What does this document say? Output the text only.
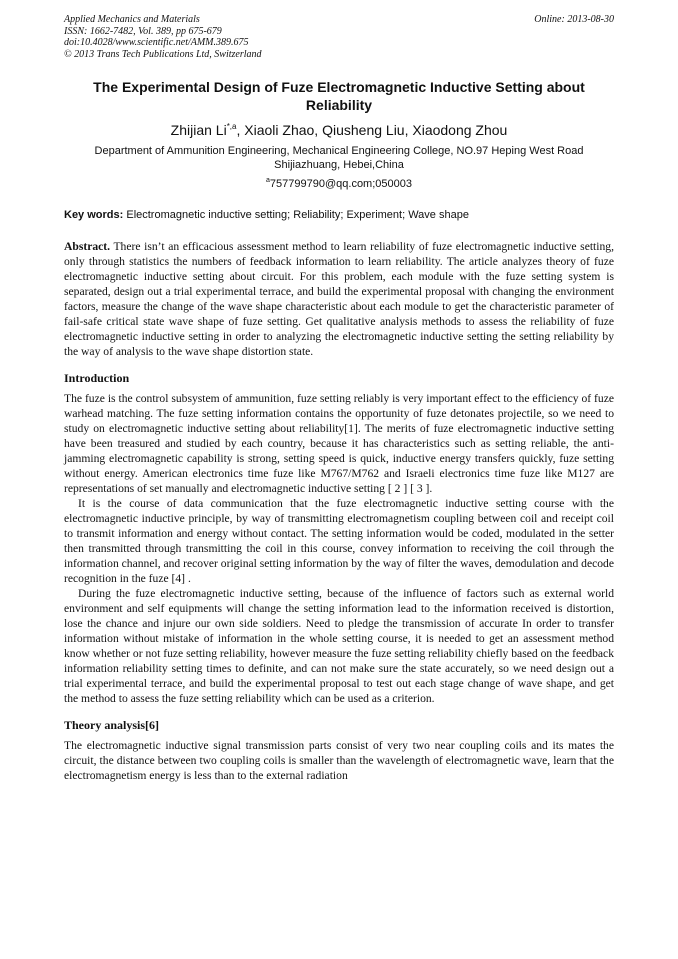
Applied Mechanics and Materials
ISSN: 1662-7482, Vol. 389, pp 675-679
doi:10.4028/www.scientific.net/AMM.389.675
© 2013 Trans Tech Publications Ltd, Switzerland
Online: 2013-08-30
The Experimental Design of Fuze Electromagnetic Inductive Setting about Reliability
Zhijian $Li^{*,a}$, Xiaoli Zhao, Qiusheng Liu, Xiaodong Zhou
Department of Ammunition Engineering, Mechanical Engineering College, NO.97 Heping West Road Shijiazhuang, Hebei,China
$^a$757799790@qq.com;050003
Key words: Electromagnetic inductive setting; Reliability; Experiment; Wave shape
Abstract. There isn’t an efficacious assessment method to learn reliability of fuze electromagnetic inductive setting, only through statistics the numbers of feedback information to learn reliability. The article analyzes theory of fuze electromagnetic inductive setting about circuit. For this problem, each module with the fuze setting system is separated, design out a trial experimental terrace, and build the experimental proposal with changing the environment factors, measure the change of the wave shape characteristic about each module to get the characteristic parameter of fail-safe critical state wave shape of fuze setting. Get qualitative analysis methods to assess the reliability of fuze electromagnetic inductive setting in order to analyzing the electromagnetic inductive setting the setting reliability by the way of analysis to the wave shape distortion state.
Introduction

The fuze is the control subsystem of ammunition, fuze setting reliably is very important effect to the efficiency of fuze warhead matching. The fuze setting information contains the opportunity of fuze detonates projectile, so we need to study on electromagnetic inductive setting about reliability[1]. The merits of fuze electromagnetic inductive setting have been treasured and studied by each country, because it has characteristics such as setting reliable, the anti-jamming electromagnetic capability is strong, setting speed is quick, inductive energy transfers quickly, fuze setting without energy. American electronics time fuze like M767/M762 and Israeli electronics time fuze like M127 are representations of set manually and electromagnetic inductive setting [ 2 ] [ 3 ].

It is the course of data communication that the fuze electromagnetic inductive setting course with the electromagnetic inductive principle, by way of transmitting electromagnetism coupling between coil and receipt coil to transmit information and energy without contact. The setting information would be coded, modulated in the setter then transmitted through transmitting the coil in this course, convey information to receiving the coil through the information channel, and recover original setting information by the way of filter the waves, demodulation and decode recognition in the fuze [4] .

During the fuze electromagnetic inductive setting, because of the influence of factors such as external world environment and self equipments will change the setting information lead to the information received is distortion, lose the chance and injure our own side soldiers. Need to pledge the transmission of accurate In order to transfer information without mistake of information in the whole setting course, it is needed to get an assessment method know whether or not fuze setting reliability, however measure the fuze setting reliability chiefly based on the feedback information reliability setting times to definite, and can not make sure the state accurately, so we need design out a trial experimental terrace, and build the experimental proposal to test out each stage change of wave shape, and get the method to assess the fuze setting reliability which can be used as a criterion.

Theory analysis[6]

The electromagnetic inductive signal transmission parts consist of very two near coupling coils and its mates the circuit, the distance between two coupling coils is smaller than the wavelength of electromagnetic wave, learn that the electromagnetism energy is less than to the external radiation
